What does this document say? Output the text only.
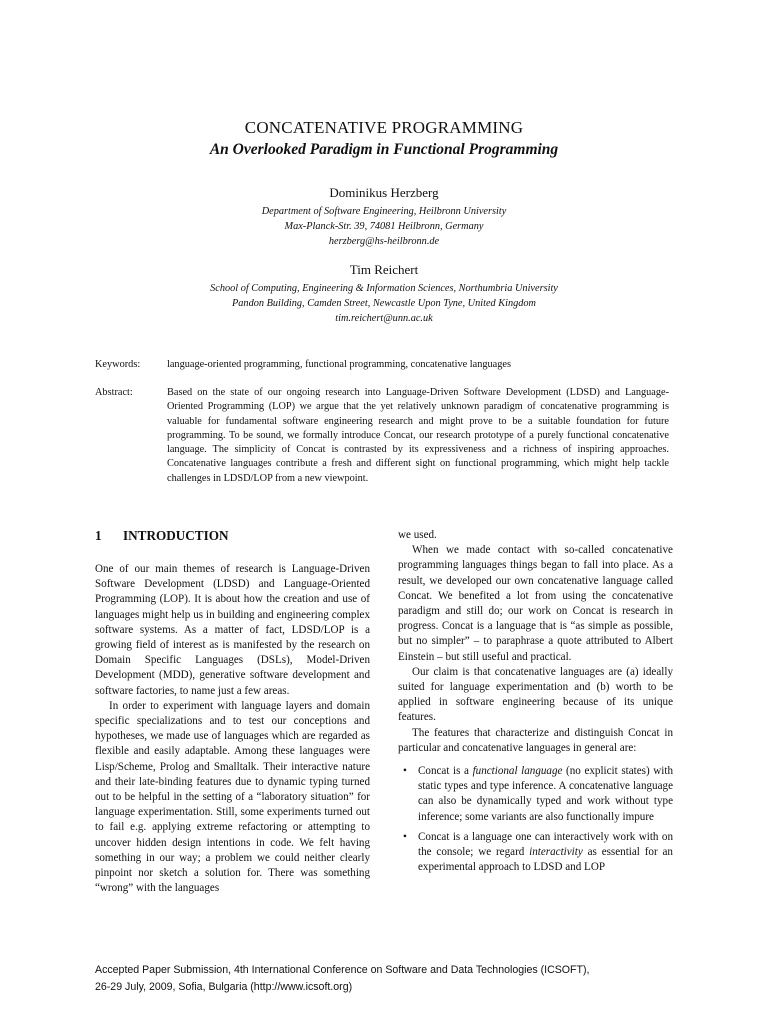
CONCATENATIVE PROGRAMMING
An Overlooked Paradigm in Functional Programming
Dominikus Herzberg
Department of Software Engineering, Heilbronn University
Max-Planck-Str. 39, 74081 Heilbronn, Germany
herzberg@hs-heilbronn.de
Tim Reichert
School of Computing, Engineering & Information Sciences, Northumbria University
Pandon Building, Camden Street, Newcastle Upon Tyne, United Kingdom
tim.reichert@unn.ac.uk
Keywords:	language-oriented programming, functional programming, concatenative languages
Abstract:	Based on the state of our ongoing research into Language-Driven Software Development (LDSD) and Language-Oriented Programming (LOP) we argue that the yet relatively unknown paradigm of concatenative programming is valuable for fundamental software engineering research and might prove to be a suitable foundation for future programming. To be sound, we formally introduce Concat, our research prototype of a purely functional concatenative language. The simplicity of Concat is contrasted by its expressiveness and a richness of inspiring approaches. Concatenative languages contribute a fresh and different sight on functional programming, which might help tackle challenges in LDSD/LOP from a new viewpoint.
1 INTRODUCTION

One of our main themes of research is Language-Driven Software Development (LDSD) and Language-Oriented Programming (LOP). It is about how the creation and use of languages might help us in building and engineering complex software systems. As a matter of fact, LDSD/LOP is a growing field of interest as is manifested by the research on Domain Specific Languages (DSLs), Model-Driven Development (MDD), generative software development and software factories, to name just a few areas.

In order to experiment with language layers and domain specific specializations and to test our conceptions and hypotheses, we made use of languages which are regarded as flexible and easily adaptable. Among these languages were Lisp/Scheme, Prolog and Smalltalk. Their interactive nature and their late-binding features due to dynamic typing turned out to be helpful in the setting of a “laboratory situation” for language experimentation. Still, some experiments turned out to fail e.g. applying extreme refactoring or attempting to uncover hidden design intentions in code. We felt having something in our way; a problem we could neither clearly pinpoint nor sketch a solution for. There was something “wrong” with the languages

we used.

When we made contact with so-called concatenative programming languages things began to fall into place. As a result, we developed our own concatenative language called Concat. We benefited a lot from using the concatenative paradigm and still do; our work on Concat is research in progress. Concat is a language that is “as simple as possible, but no simpler” – to paraphrase a quote attributed to Albert Einstein – but still useful and practical.

Our claim is that concatenative languages are (a) ideally suited for language experimentation and (b) worth to be applied in software engineering because of its unique features.

The features that characterize and distinguish Concat in particular and concatenative languages in general are:

• Concat is a functional language (no explicit states) with static types and type inference. A concatenative language can also be dynamically typed and work without type inference; some variants are also functionally impure
• Concat is a language one can interactively work with on the console; we regard interactivity as essential for an experimental approach to LDSD and LOP
Accepted Paper Submission, 4th International Conference on Software and Data Technologies (ICSOFT),
26-29 July, 2009, Sofia, Bulgaria (http://www.icsoft.org)
